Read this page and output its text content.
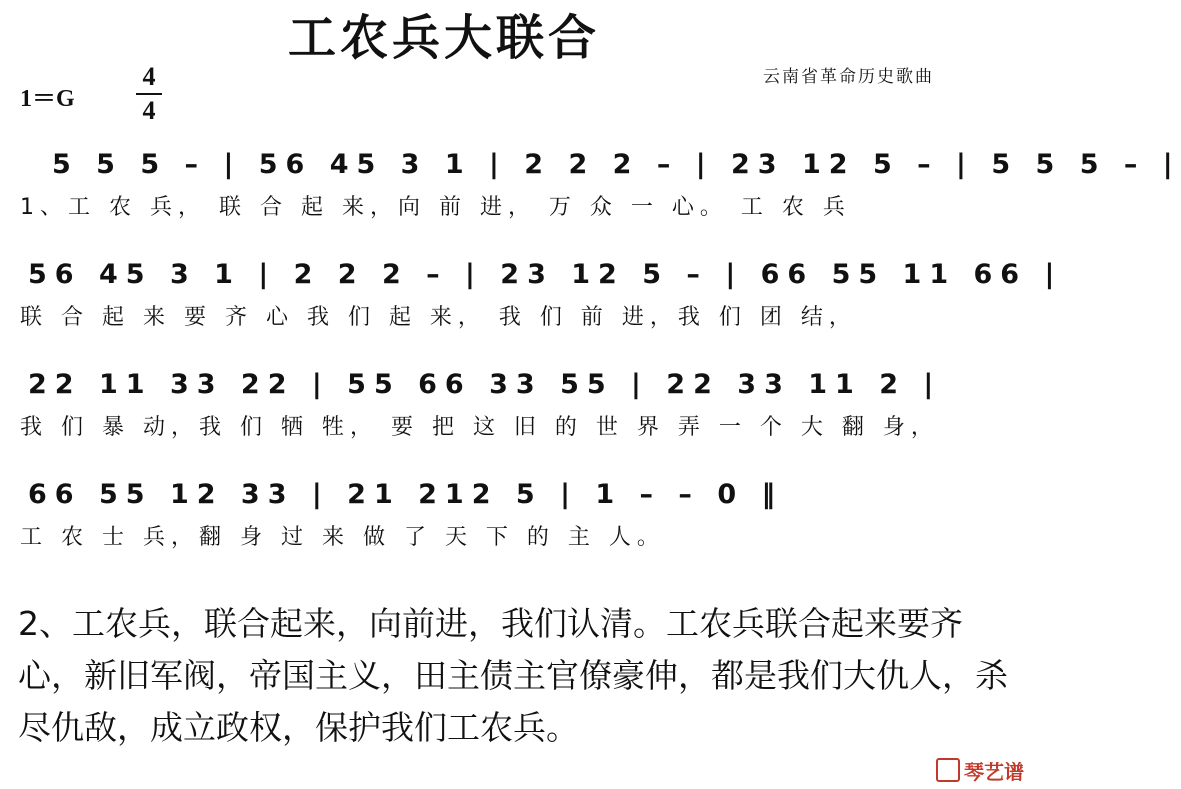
工农兵大联合
云南省革命历史歌曲
1＝G
4
4
5 5 5 – | 56 45 3 1 | 2 2 2 – | 23 12 5 – | 5 5 5 – |
1、工 农 兵， 联 合 起 来，向 前 进， 万 众 一 心。 工 农 兵
56 45 3 1 | 2 2 2 – | 23 12 5 – | 66 55 11 66 |
联 合 起 来 要 齐 心 我 们 起 来， 我 们 前 进，我 们 团 结，
22 11 33 22 | 55 66 33 55 | 22 33 11 2 |
我 们 暴 动，我 们 牺 牲， 要 把 这 旧 的 世 界 弄 一 个 大 翻 身，
66 55 12 33 | 21 212 5 | 1 – – 0 ‖
工 农 士 兵，翻 身 过 来 做 了 天 下 的 主 人。
2、工农兵，联合起来，向前进，我们认清。工农兵联合起来要齐心，新旧军阀，帝国主义，田主债主官僚豪伸，都是我们大仇人，杀尽仇敌，成立政权，保护我们工农兵。
琴艺谱
